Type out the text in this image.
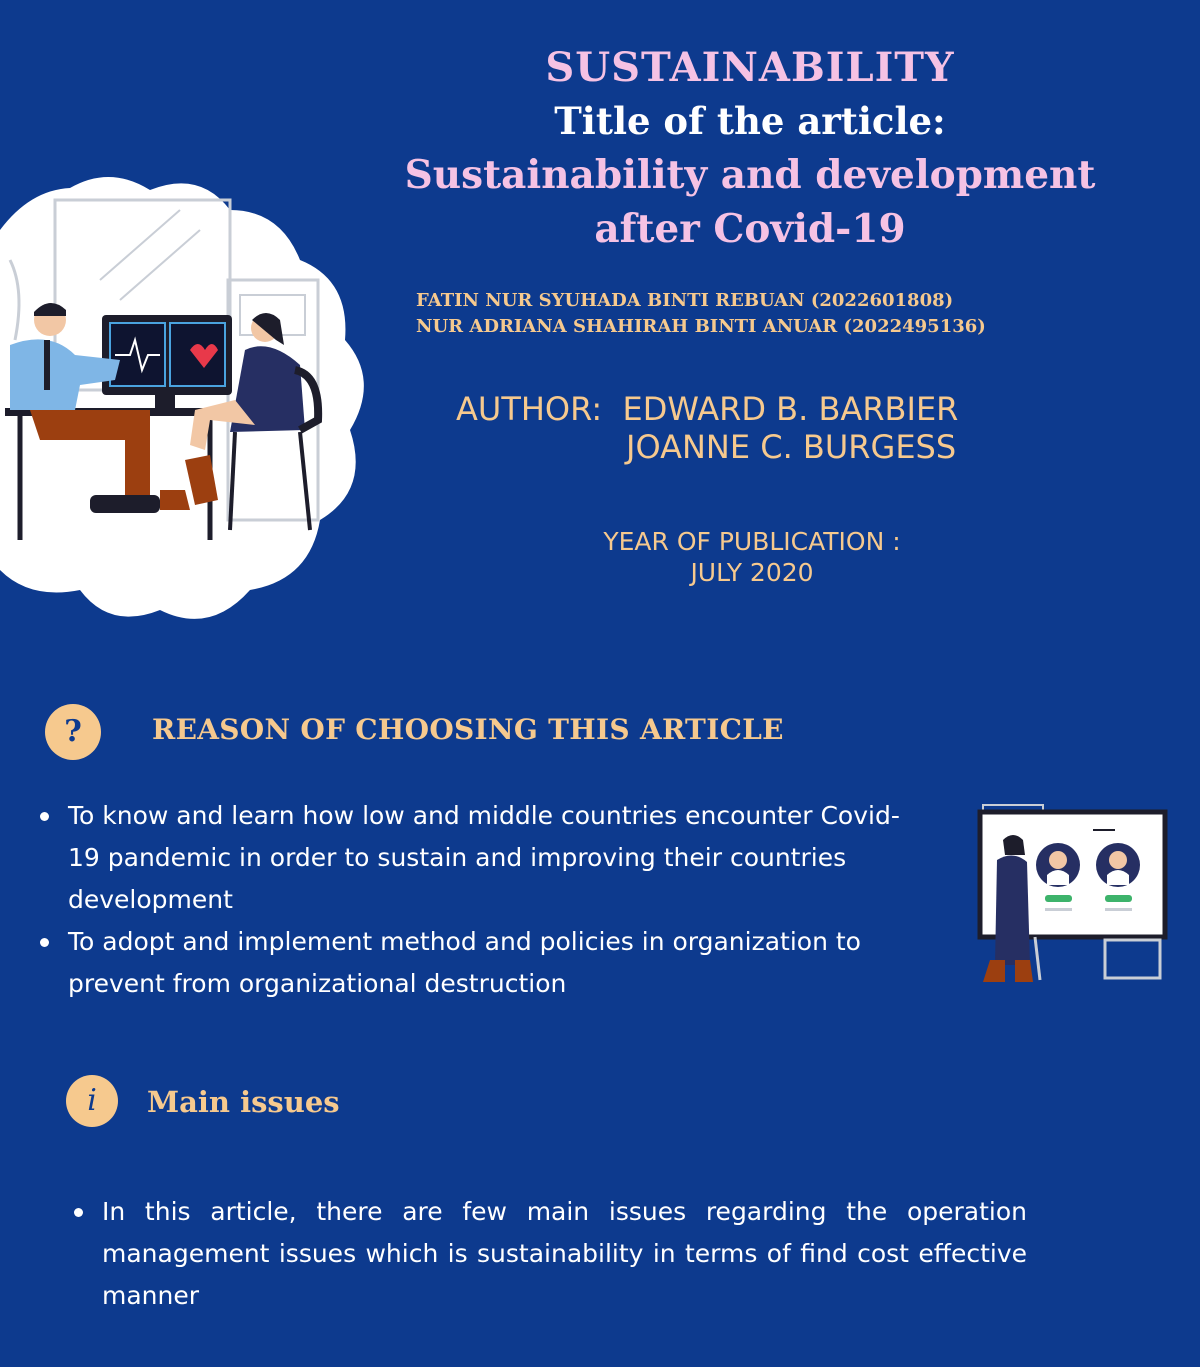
SUSTAINABILITY
Title of the article:
Sustainability and development
after Covid-19
FATIN NUR SYUHADA BINTI REBUAN (2022601808)
NUR ADRIANA SHAHIRAH BINTI ANUAR (2022495136)
AUTHOR: EDWARD B. BARBIER
JOANNE C. BURGESS
YEAR OF PUBLICATION :
JULY 2020
?	REASON OF CHOOSING THIS ARTICLE
To know and learn how low and middle countries encounter Covid- 19 pandemic in order to sustain and improving their countries development
To adopt and implement method and policies in organization to prevent from organizational destruction
i	Main issues
In this article, there are few main issues regarding the operation management issues which is sustainability in terms of find cost effective manner
